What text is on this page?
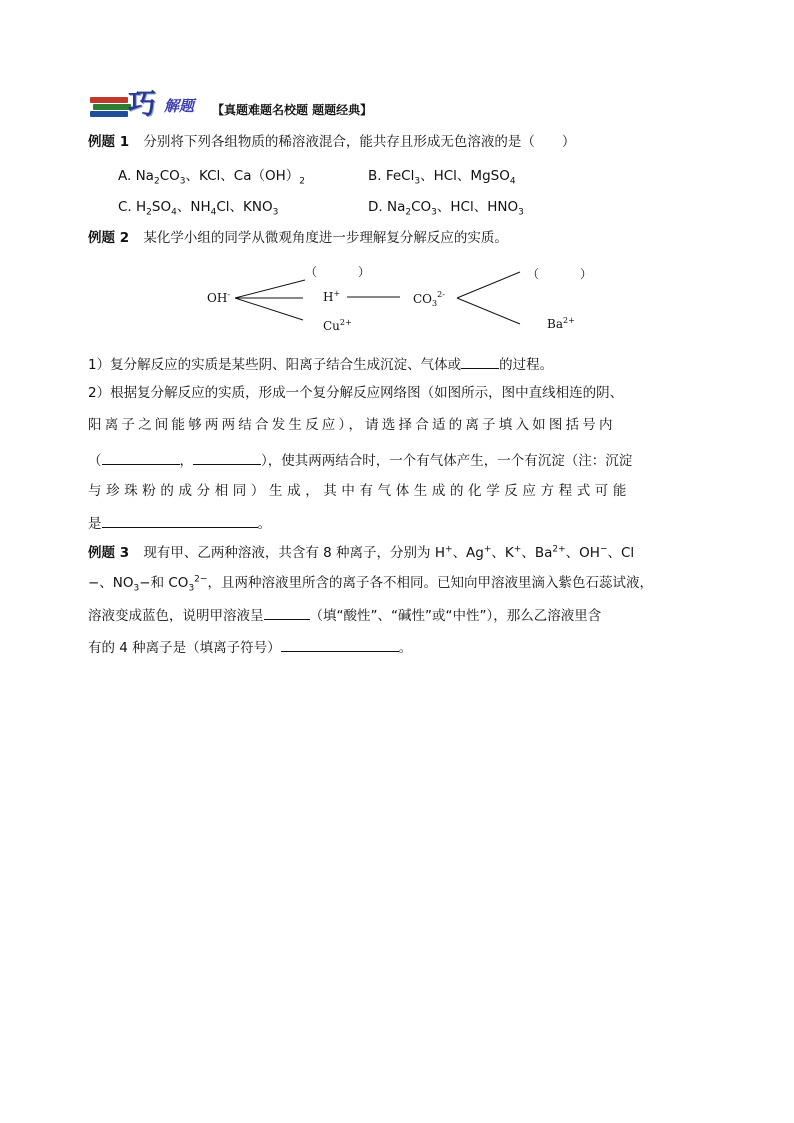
巧 解题 【真题难题名校题 题题经典】
例题 1 分别将下列各组物质的稀溶液混合，能共存且形成无色溶液的是（　　）
A. $Na_2CO_3$、KCl、$Ca(OH)_2$	B. FeCl$_3$、HCl、MgSO$_4$
C. $H_2SO_4$、$NH_4Cl$、$KNO_3$	D. $Na_2CO_3$、HCl、$HNO_3$
例题 2 某化学小组的同学从微观角度进一步理解复分解反应的实质。
（	）	（	）
OH-	H+	$CO_3^{2-}$
$Cu^{2+}$	$Ba^{2+}$
1）复分解反应的实质是某些阴、阳离子结合生成沉淀、气体或	的过程。
2）根据复分解反应的实质，形成一个复分解反应网络图（如图所示，图中直线相连的阴、
阳离子之间能够两两结合发生反应），请选择合适的离子填入如图括号内
（	，	），使其两两结合时，一个有气体产生，一个有沉淀（注：沉淀
与珍珠粉的成分相同）生成，其中有气体生成的化学反应方程式可能
是	。
例题 3 现有甲、乙两种溶液，共含有 8 种离子，分别为 H+、Ag+、K+、$Ba^{2+}$、OH−、Cl
−、$NO_3-$和 $CO_3^{2-}$，且两种溶液里所含的离子各不相同。已知向甲溶液里滴入紫色石蕊试液，
溶液变成蓝色，说明甲溶液呈	（填“酸性”、“碱性”或“中性”），那么乙溶液里含
有的 4 种离子是（填离子符号）	。
